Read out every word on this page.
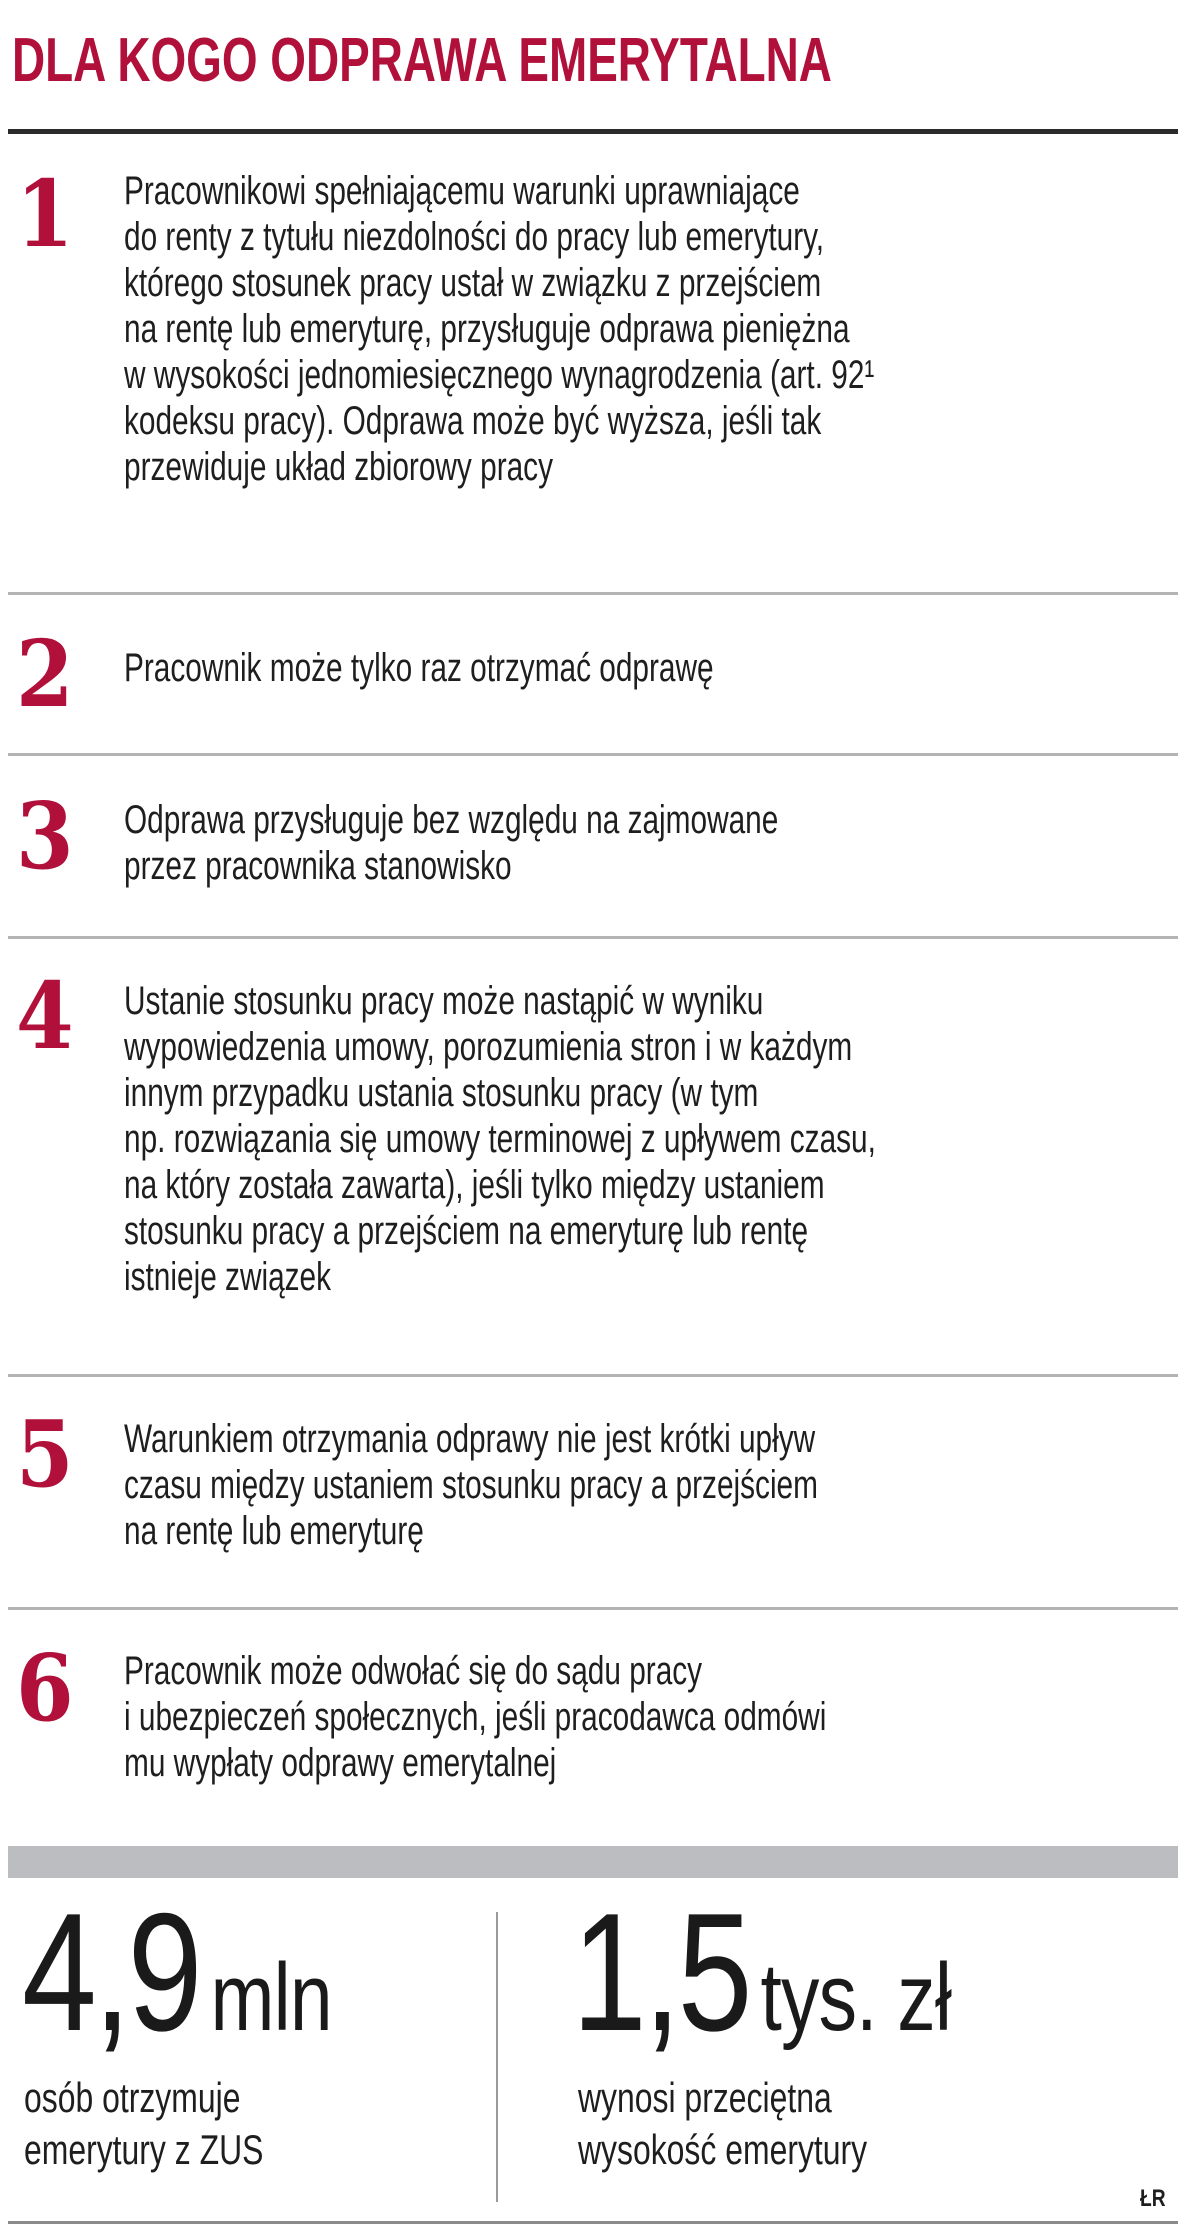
DLA KOGO ODPRAWA EMERYTALNA
1	Pracownikowi spełniającemu warunki uprawniające
do renty z tytułu niezdolności do pracy lub emerytury,
którego stosunek pracy ustał w związku z przejściem
na rentę lub emeryturę, przysługuje odprawa pieniężna
w wysokości jednomiesięcznego wynagrodzenia (art. 92¹
kodeksu pracy). Odprawa może być wyższa, jeśli tak
przewiduje układ zbiorowy pracy
2	Pracownik może tylko raz otrzymać odprawę
3	Odprawa przysługuje bez względu na zajmowane
przez pracownika stanowisko
4	Ustanie stosunku pracy może nastąpić w wyniku
wypowiedzenia umowy, porozumienia stron i w każdym
innym przypadku ustania stosunku pracy (w tym
np. rozwiązania się umowy terminowej z upływem czasu,
na który została zawarta), jeśli tylko między ustaniem
stosunku pracy a przejściem na emeryturę lub rentę
istnieje związek
5	Warunkiem otrzymania odprawy nie jest krótki upływ
czasu między ustaniem stosunku pracy a przejściem
na rentę lub emeryturę
6	Pracownik może odwołać się do sądu pracy
i ubezpieczeń społecznych, jeśli pracodawca odmówi
mu wypłaty odprawy emerytalnej
4,9 mln
osób otrzymuje
emerytury z ZUS
1,5 tys. zł
wynosi przeciętna
wysokość emerytury
ŁR
